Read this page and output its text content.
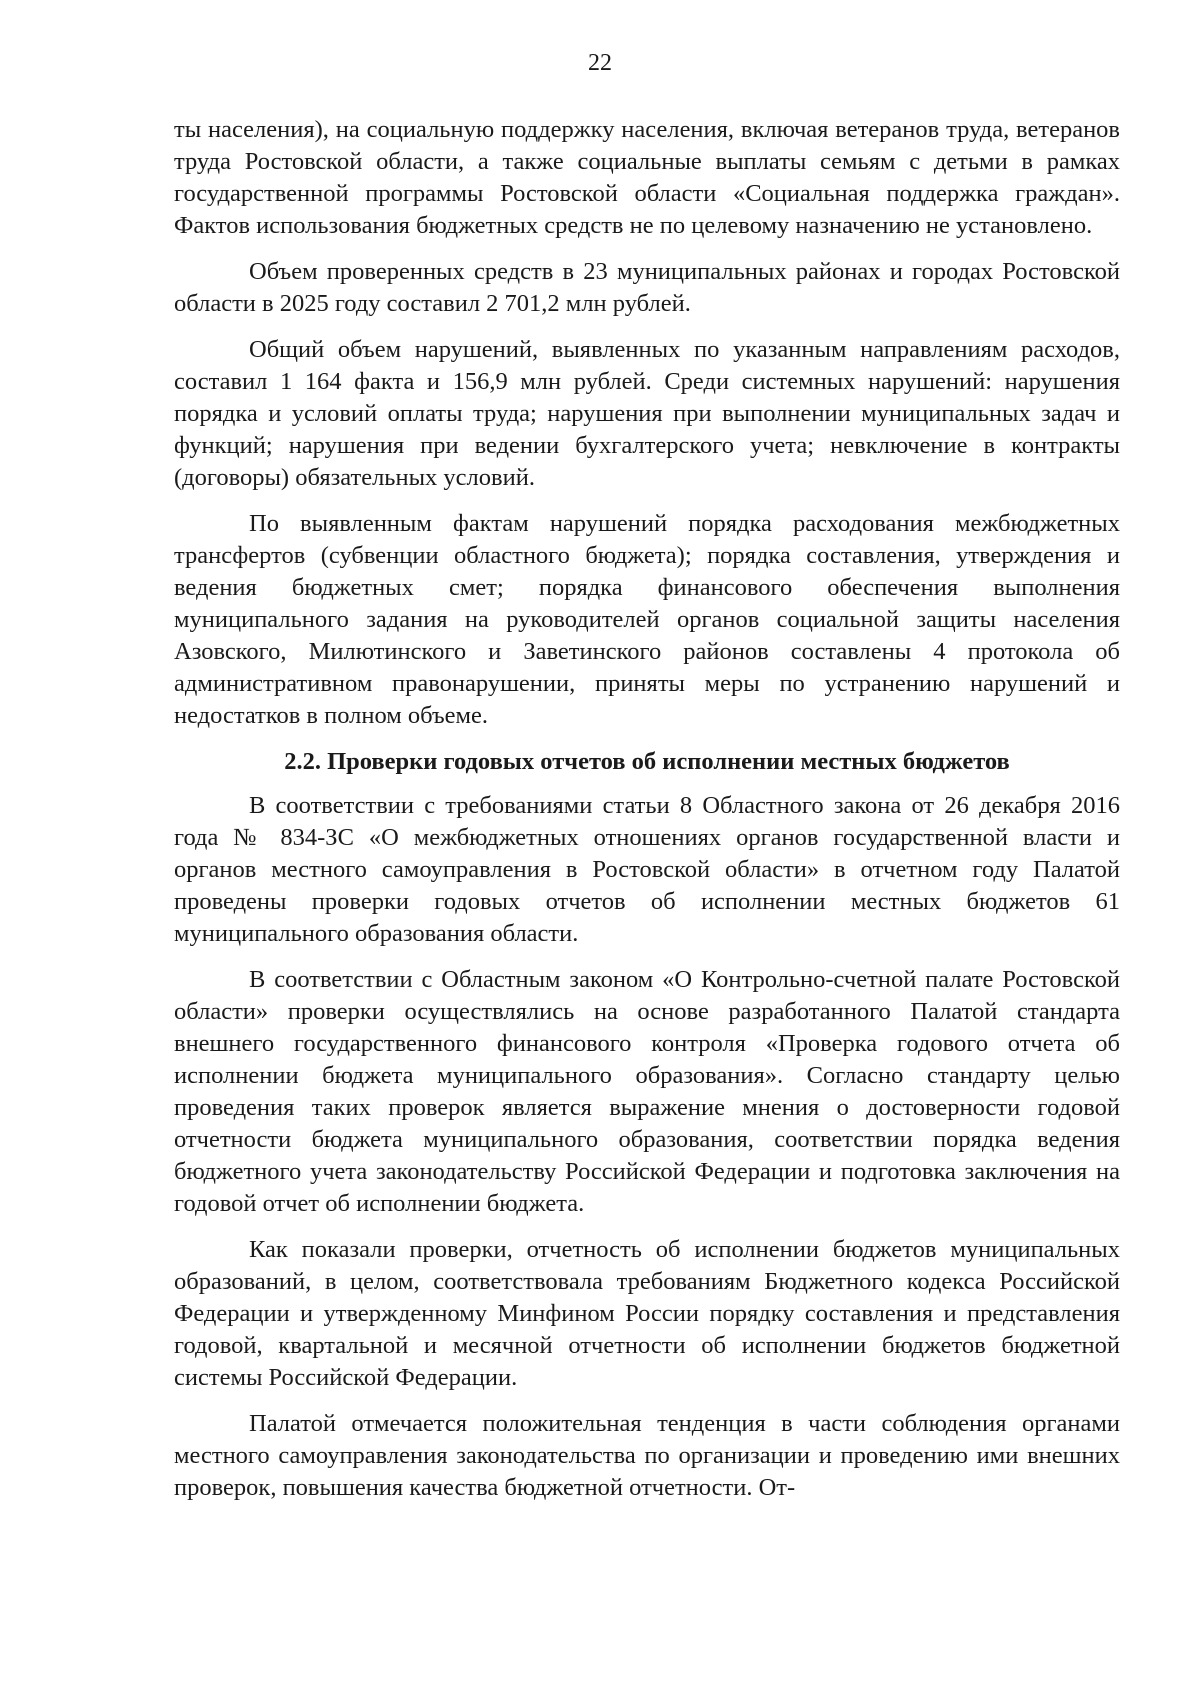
22

ты населения), на социальную поддержку населения, включая ветеранов труда, ветеранов труда Ростовской области, а также социальные выплаты семьям с детьми в рамках государственной программы Ростовской области «Социальная поддержка граждан». Фактов использования бюджетных средств не по целевому назначению не установлено.

Объем проверенных средств в 23 муниципальных районах и городах Ростовской области в 2025 году составил 2 701,2 млн рублей.

Общий объем нарушений, выявленных по указанным направлениям расходов, составил 1 164 факта и 156,9 млн рублей. Среди системных нарушений: нарушения порядка и условий оплаты труда; нарушения при выполнении муниципальных задач и функций; нарушения при ведении бухгалтерского учета; невключение в контракты (договоры) обязательных условий.

По выявленным фактам нарушений порядка расходования межбюджетных трансфертов (субвенции областного бюджета); порядка составления, утверждения и ведения бюджетных смет; порядка финансового обеспечения выполнения муниципального задания на руководителей органов социальной защиты населения Азовского, Милютинского и Заветинского районов составлены 4 протокола об административном правонарушении, приняты меры по устранению нарушений и недостатков в полном объеме.

2.2. Проверки годовых отчетов об исполнении местных бюджетов

В соответствии с требованиями статьи 8 Областного закона от 26 декабря 2016 года № 834-ЗС «О межбюджетных отношениях органов государственной власти и органов местного самоуправления в Ростовской области» в отчетном году Палатой проведены проверки годовых отчетов об исполнении местных бюджетов 61 муниципального образования области.

В соответствии с Областным законом «О Контрольно-счетной палате Ростовской области» проверки осуществлялись на основе разработанного Палатой стандарта внешнего государственного финансового контроля «Проверка годового отчета об исполнении бюджета муниципального образования». Согласно стандарту целью проведения таких проверок является выражение мнения о достоверности годовой отчетности бюджета муниципального образования, соответствии порядка ведения бюджетного учета законодательству Российской Федерации и подготовка заключения на годовой отчет об исполнении бюджета.

Как показали проверки, отчетность об исполнении бюджетов муниципальных образований, в целом, соответствовала требованиям Бюджетного кодекса Российской Федерации и утвержденному Минфином России порядку составления и представления годовой, квартальной и месячной отчетности об исполнении бюджетов бюджетной системы Российской Федерации.

Палатой отмечается положительная тенденция в части соблюдения органами местного самоуправления законодательства по организации и проведению ими внешних проверок, повышения качества бюджетной отчетности. От-
